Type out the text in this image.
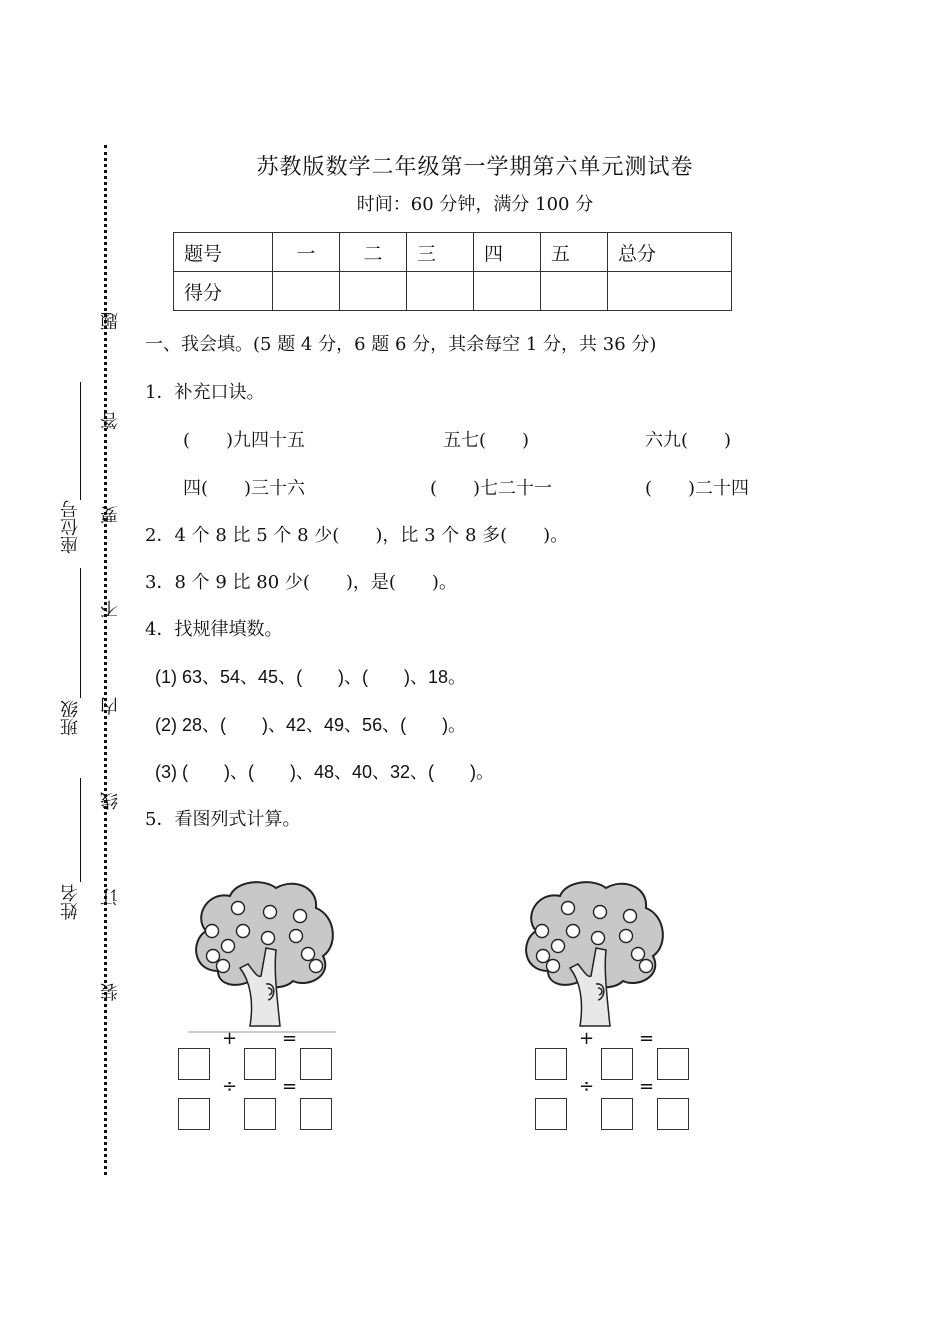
题
答
要
不
内
线
订
装
座位号
班级
姓名
苏教版数学二年级第一学期第六单元测试卷
时间：60 分钟，满分 100 分
题号	一	二	三	四	五	总分
得分						
一、我会填。(5 题 4 分，6 题 6 分，其余每空 1 分，共 36 分)
1．补充口诀。
(　　)九四十五	五七(　　)	六九(　　)
四(　　)三十六	(　　)七二十一	(　　)二十四
2．4 个 8 比 5 个 8 少(　　)，比 3 个 8 多(　　)。
3．8 个 9 比 80 少(　　)，是(　　)。
4．找规律填数。
(1) 63、54、45、(　　)、(　　)、18。
(2) 28、(　　)、42、49、56、(　　)。
(3) (　　)、(　　)、48、40、32、(　　)。
5．看图列式计算。
+ =
÷ =
+ =
÷ =
